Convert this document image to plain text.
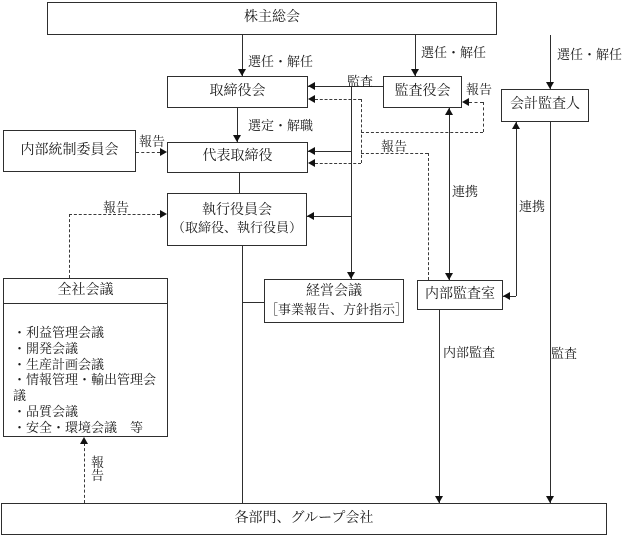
株主総会
取締役会	監査役会
会計監査人
内部統制委員会	代表取締役
執行役員会
（取締役、執行役員）
全社会議
・利益管理会議
・開発会議
・生産計画会議
・情報管理・輸出管理会議
・品質会議
・安全・環境会議　等
経営会議
［事業報告、方針指示］
内部監査室
各部門、グループ会社
選任・解任
選任・解任	選任・解任
監査
報告
選定・解職
報告	報告
報告
連携
連携
内部監査	監査
報告
